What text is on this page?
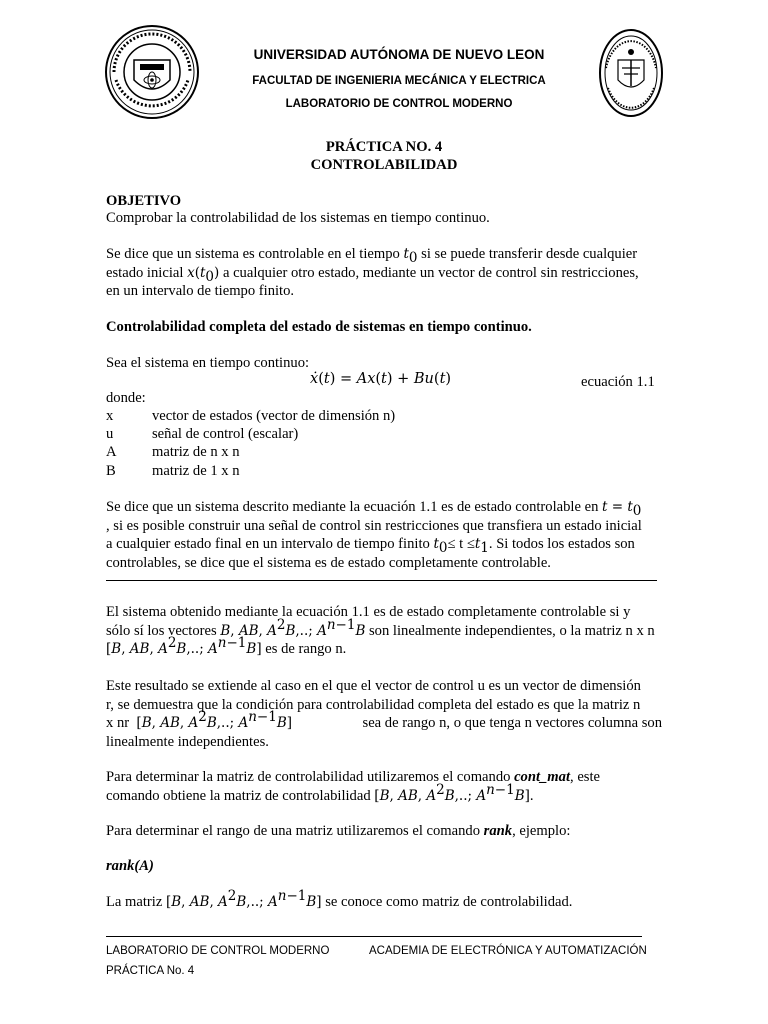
UNIVERSIDAD AUTÓNOMA DE NUEVO LEON
FACULTAD DE INGENIERIA MECÁNICA Y ELECTRICA
LABORATORIO DE CONTROL MODERNO
PRÁCTICA NO. 4
CONTROLABILIDAD
OBJETIVO
Comprobar la controlabilidad de los sistemas en tiempo continuo.
Se dice que un sistema es controlable en el tiempo $t_0$ si se puede transferir desde cualquier
estado inicial $x(t_0)$ a cualquier otro estado, mediante un vector de control sin restricciones,
en un intervalo de tiempo finito.
Controlabilidad completa del estado de sistemas en tiempo continuo.
Sea el sistema en tiempo continuo:
ẋ(t) = Ax(t) + Bu(t)	ecuación 1.1
donde:
x	vector de estados (vector de dimensión n)
u	señal de control (escalar)
A	matriz de n x n
B	matriz de 1 x n
Se dice que un sistema descrito mediante la ecuación 1.1 es de estado controlable en $t = t_0$
, si es posible construir una señal de control sin restricciones que transfiera un estado inicial
a cualquier estado final en un intervalo de tiempo finito $t_0\le t \le t_1$. Si todos los estados son
controlables, se dice que el sistema es de estado completamente controlable.
El sistema obtenido mediante la ecuación 1.1 es de estado completamente controlable si y
sólo sí los vectores B, AB, $A^2B$,..; $A^{n-1}B$ son linealmente independientes, o la matriz n x n
[B, AB, $A^2B$,..; $A^{n-1}B$] es de rango n.
Este resultado se extiende al caso en el que el vector de control u es un vector de dimensión
r, se demuestra que la condición para controlabilidad completa del estado es que la matriz n
x nr [B, AB, $A^2B$,..; $A^{n-1}B$]	sea de rango n, o que tenga n vectores columna son
linealmente independientes.
Para determinar la matriz de controlabilidad utilizaremos el comando cont_mat, este
comando obtiene la matriz de controlabilidad [B, AB, $A^2B$,..; $A^{n-1}B$].
Para determinar el rango de una matriz utilizaremos el comando rank, ejemplo:
rank(A)
La matriz [B, AB, $A^2B$,..; $A^{n-1}B$] se conoce como matriz de controlabilidad.
LABORATORIO DE CONTROL MODERNO	ACADEMIA DE ELECTRÓNICA Y AUTOMATIZACIÓN
PRÁCTICA No. 4
